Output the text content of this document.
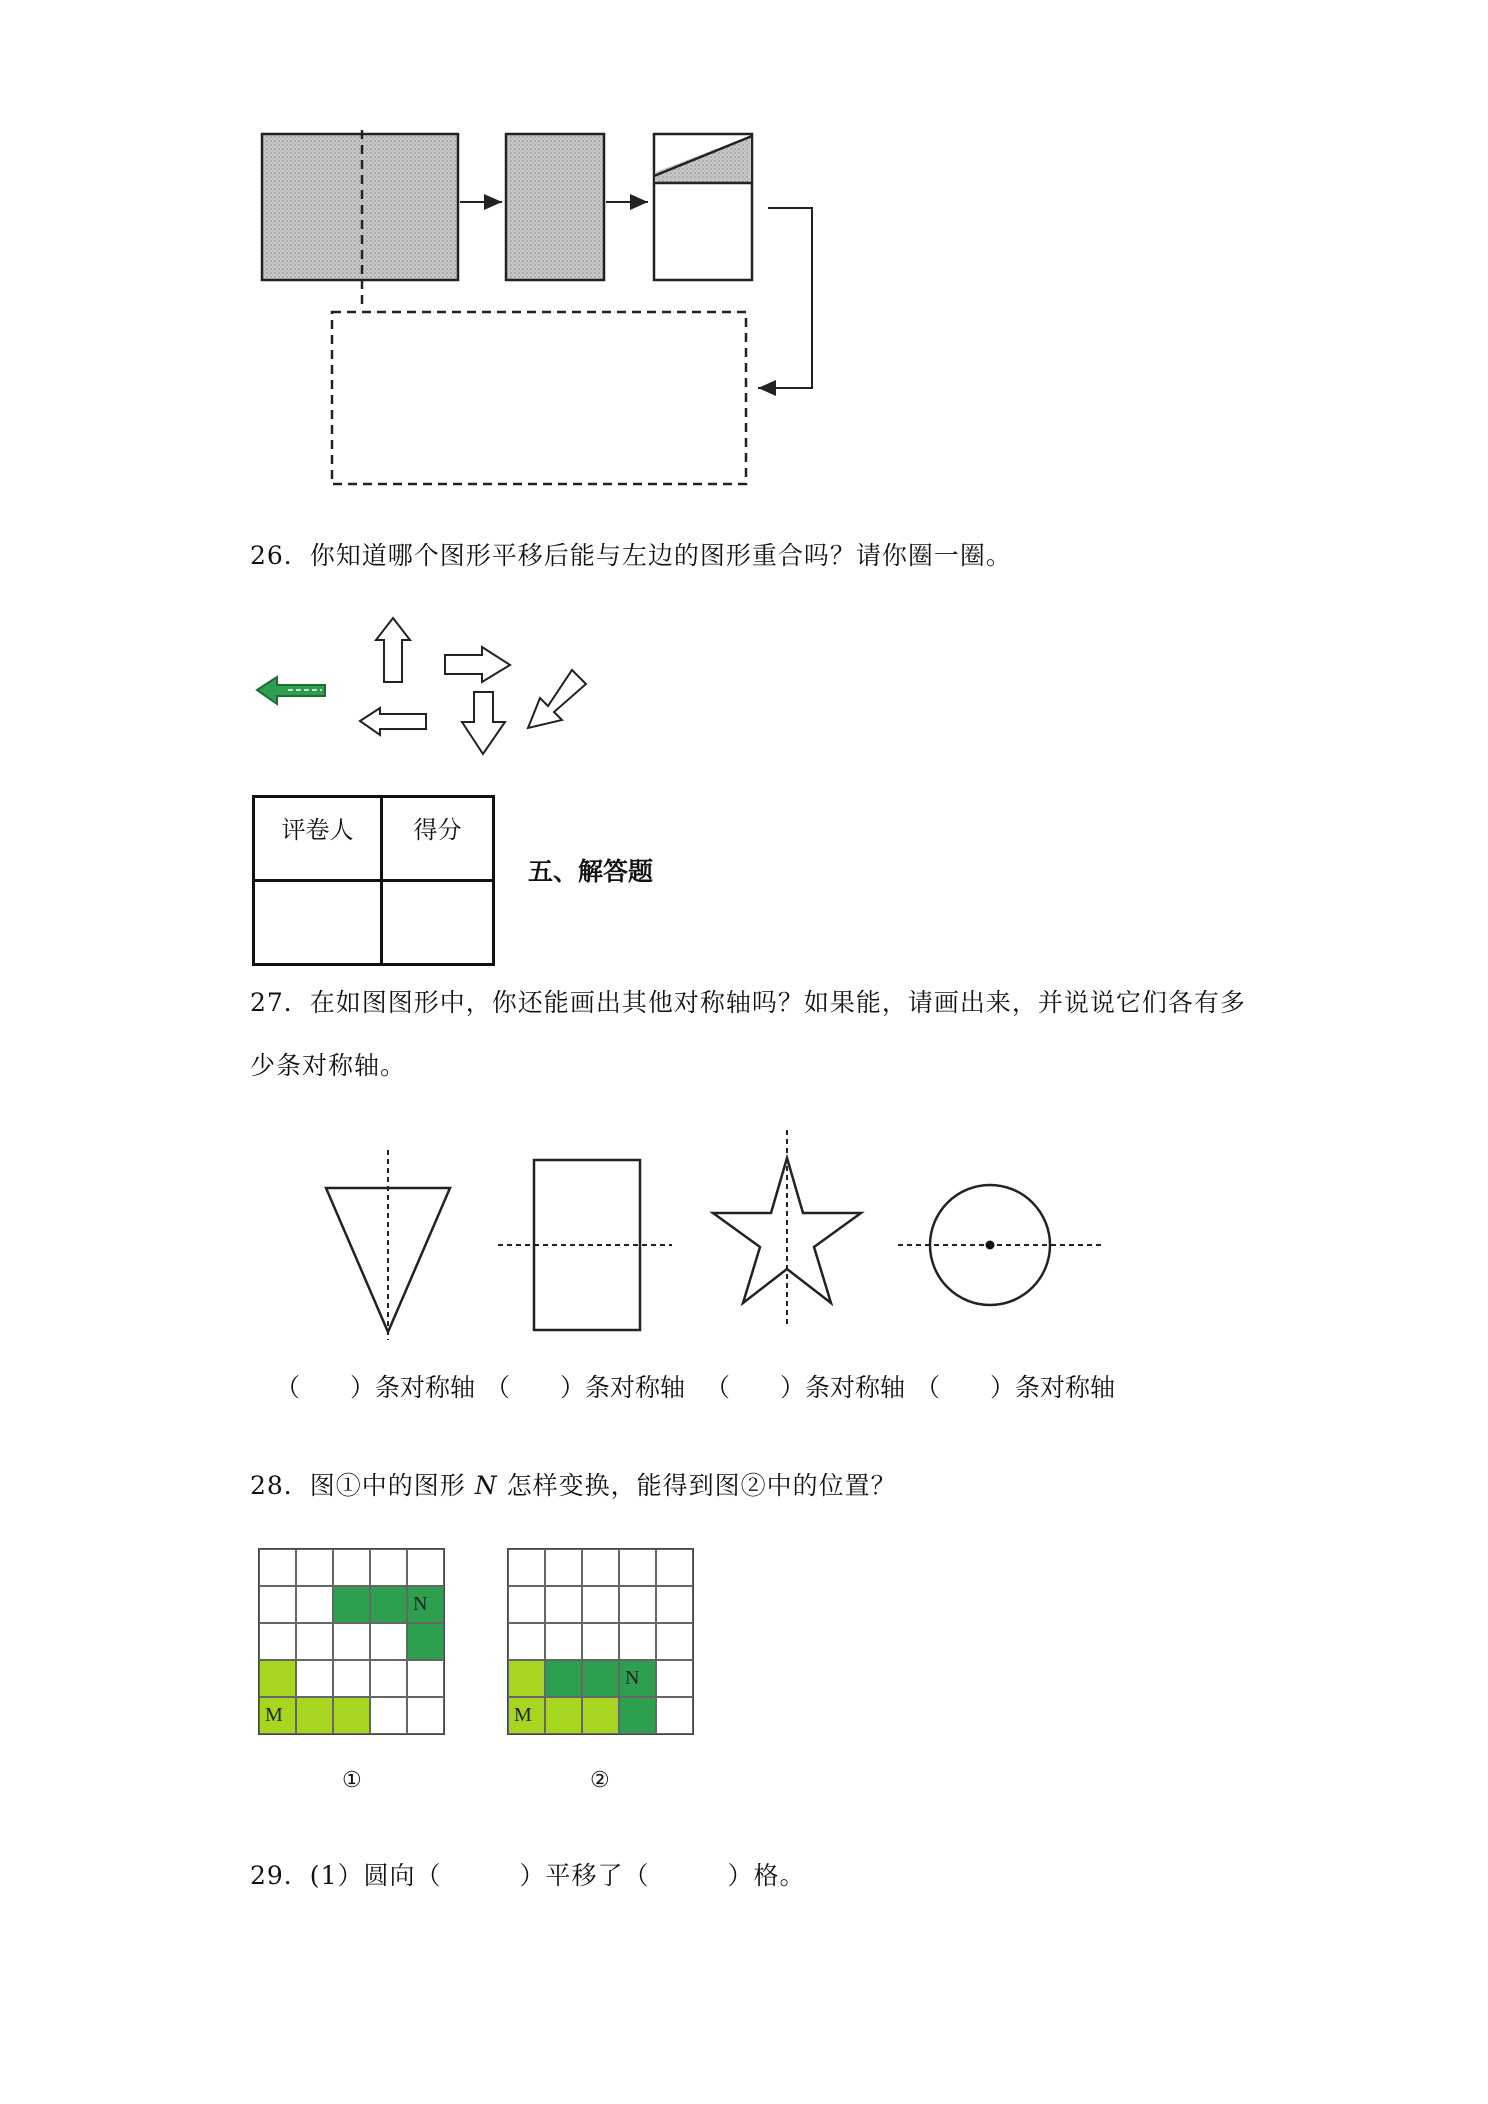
26．你知道哪个图形平移后能与左边的图形重合吗？请你圈一圈。
评卷人	得分

五、解答题
27．在如图图形中，你还能画出其他对称轴吗？如果能，请画出来，并说说它们各有多
少条对称轴。
（　　）条对称轴 （　　）条对称轴 （　　）条对称轴 （　　）条对称轴
28．图①中的图形 N 怎样变换，能得到图②中的位置？
N
M
N
M
①	②
29．(1）圆向（　　　）平移了（　　　）格。
